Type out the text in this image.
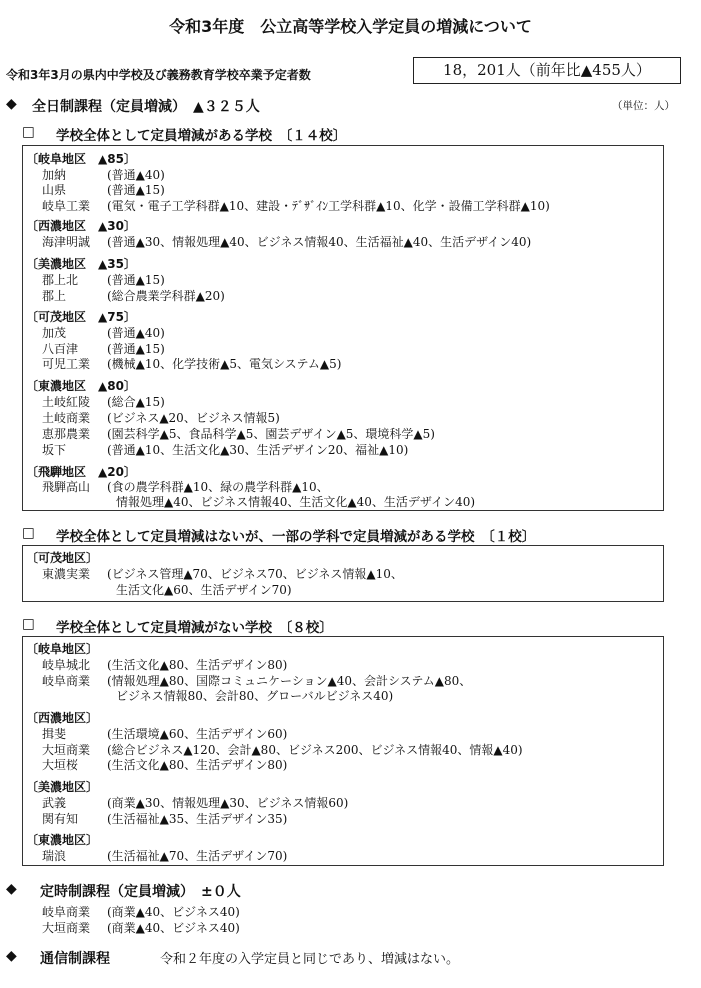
令和3年度　公立高等学校入学定員の増減について
令和3年3月の県内中学校及び義務教育学校卒業予定者数	18，201人（前年比▲455人）
◆ 全日制課程（定員増減）　▲３２５人	（単位：人）
□ 学校全体として定員増減がある学校　〔１４校〕
〔岐阜地区　▲85〕
加納	(普通▲40)
山県	(普通▲15)
岐阜工業 (電気・電子工学科群▲10、建設・ﾃﾞｻﾞｲﾝ工学科群▲10、化学・設備工学科群▲10)
〔西濃地区　▲30〕
海津明誠 (普通▲30、情報処理▲40、ビジネス情報40、生活福祉▲40、生活デザイン40)
〔美濃地区　▲35〕
郡上北 (普通▲15)
郡上	(総合農業学科群▲20)
〔可茂地区　▲75〕
加茂	(普通▲40)
八百津 (普通▲15)
可児工業 (機械▲10、化学技術▲5、電気システム▲5)
〔東濃地区　▲80〕
土岐紅陵 (総合▲15)
土岐商業 (ビジネス▲20、ビジネス情報5)
恵那農業 (園芸科学▲5、食品科学▲5、園芸デザイン▲5、環境科学▲5)
坂下	(普通▲10、生活文化▲30、生活デザイン20、福祉▲10)
〔飛騨地区　▲20〕
飛騨高山 (食の農学科群▲10、緑の農学科群▲10、
情報処理▲40、ビジネス情報40、生活文化▲40、生活デザイン40)
□ 学校全体として定員増減はないが、一部の学科で定員増減がある学校　〔１校〕
〔可茂地区〕
東濃実業 (ビジネス管理▲70、ビジネス70、ビジネス情報▲10、
生活文化▲60、生活デザイン70)
□ 学校全体として定員増減がない学校　〔８校〕
〔岐阜地区〕
岐阜城北 (生活文化▲80、生活デザイン80)
岐阜商業 (情報処理▲80、国際コミュニケーション▲40、会計システム▲80、
ビジネス情報80、会計80、グローバルビジネス40)
〔西濃地区〕
揖斐	(生活環境▲60、生活デザイン60)
大垣商業 (総合ビジネス▲120、会計▲80、ビジネス200、ビジネス情報40、情報▲40)
大垣桜 (生活文化▲80、生活デザイン80)
〔美濃地区〕
武義	(商業▲30、情報処理▲30、ビジネス情報60)
関有知 (生活福祉▲35、生活デザイン35)
〔東濃地区〕
瑞浪	(生活福祉▲70、生活デザイン70)
◆ 定時制課程（定員増減）　±０人
岐阜商業 (商業▲40、ビジネス40)
大垣商業 (商業▲40、ビジネス40)
◆ 通信制課程	令和２年度の入学定員と同じであり、増減はない。
